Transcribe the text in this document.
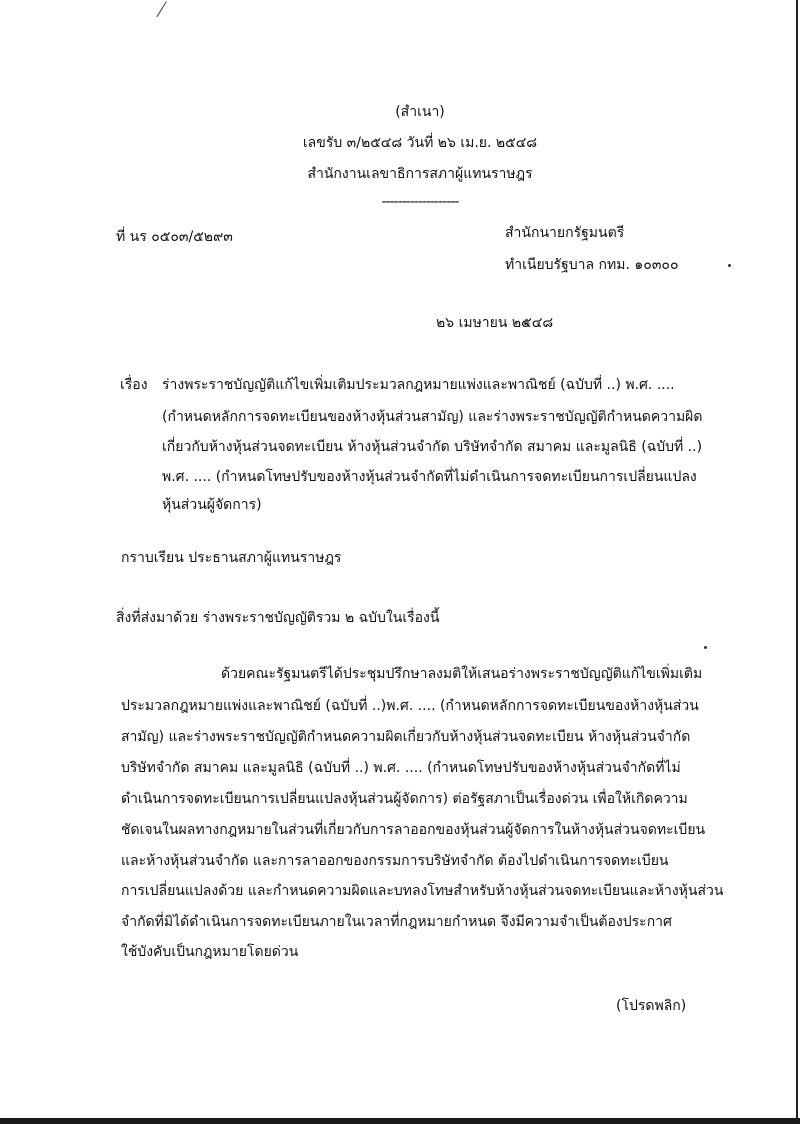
(สำเนา)
เลขรับ ๓/๒๕๔๘ วันที่ ๒๖ เม.ย. ๒๕๔๘
สำนักงานเลขาธิการสภาผู้แทนราษฎร
-------------------
ที่ นร ๐๕๐๓/๕๒๙๓	สำนักนายกรัฐมนตรี
ทำเนียบรัฐบาล กทม. ๑๐๓๐๐
๒๖ เมษายน ๒๕๔๘
เรื่อง ร่างพระราชบัญญัติแก้ไขเพิ่มเติมประมวลกฎหมายแพ่งและพาณิชย์ (ฉบับที่ ..) พ.ศ. ....
(กำหนดหลักการจดทะเบียนของห้างหุ้นส่วนสามัญ) และร่างพระราชบัญญัติกำหนดความผิด
เกี่ยวกับห้างหุ้นส่วนจดทะเบียน ห้างหุ้นส่วนจำกัด บริษัทจำกัด สมาคม และมูลนิธิ (ฉบับที่ ..)
พ.ศ. .... (กำหนดโทษปรับของห้างหุ้นส่วนจำกัดที่ไม่ดำเนินการจดทะเบียนการเปลี่ยนแปลง
หุ้นส่วนผู้จัดการ)
กราบเรียน ประธานสภาผู้แทนราษฎร
สิ่งที่ส่งมาด้วย ร่างพระราชบัญญัติรวม ๒ ฉบับในเรื่องนี้
ด้วยคณะรัฐมนตรีได้ประชุมปรึกษาลงมติให้เสนอร่างพระราชบัญญัติแก้ไขเพิ่มเติม
ประมวลกฎหมายแพ่งและพาณิชย์ (ฉบับที่ ..)พ.ศ. .... (กำหนดหลักการจดทะเบียนของห้างหุ้นส่วน
สามัญ) และร่างพระราชบัญญัติกำหนดความผิดเกี่ยวกับห้างหุ้นส่วนจดทะเบียน ห้างหุ้นส่วนจำกัด
บริษัทจำกัด สมาคม และมูลนิธิ (ฉบับที่ ..) พ.ศ. .... (กำหนดโทษปรับของห้างหุ้นส่วนจำกัดที่ไม่
ดำเนินการจดทะเบียนการเปลี่ยนแปลงหุ้นส่วนผู้จัดการ) ต่อรัฐสภาเป็นเรื่องด่วน เพื่อให้เกิดความ
ชัดเจนในผลทางกฎหมายในส่วนที่เกี่ยวกับการลาออกของหุ้นส่วนผู้จัดการในห้างหุ้นส่วนจดทะเบียน
และห้างหุ้นส่วนจำกัด และการลาออกของกรรมการบริษัทจำกัด ต้องไปดำเนินการจดทะเบียน
การเปลี่ยนแปลงด้วย และกำหนดความผิดและบทลงโทษสำหรับห้างหุ้นส่วนจดทะเบียนและห้างหุ้นส่วน
จำกัดที่มิได้ดำเนินการจดทะเบียนภายในเวลาที่กฎหมายกำหนด จึงมีความจำเป็นต้องประกาศ
ใช้บังคับเป็นกฎหมายโดยด่วน
(โปรดพลิก)
